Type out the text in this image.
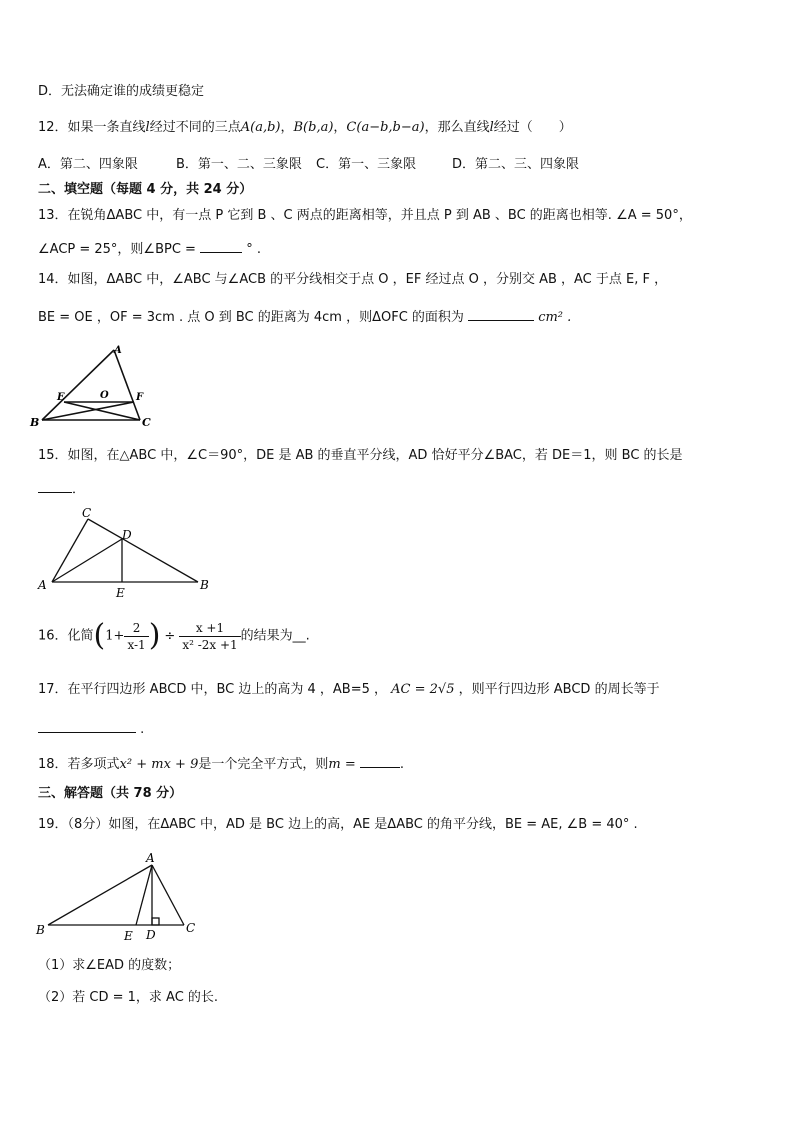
D．无法确定谁的成绩更稳定
12．如果一条直线l经过不同的三点A(a,b)，B(b,a)，C(a−b,b−a)，那么直线l经过（　　）
A．第二、四象限	B．第一、二、三象限 C．第一、三象限	D．第二、三、四象限
二、填空题（每题 4 分，共 24 分）
13．在锐角ΔABC 中，有一点 P 它到 B 、C 两点的距离相等，并且点 P 到 AB 、BC 的距离也相等. ∠A = 50°，
∠ACP = 25°，则∠BPC =	° .
14．如图，ΔABC 中，∠ABC 与∠ACB 的平分线相交于点 O ，EF 经过点 O ，分别交 AB ，AC 于点 E, F ，
BE = OE ，OF = 3cm . 点 O 到 BC 的距离为 4cm ，则ΔOFC 的面积为	cm² .
A
B	C
E	O	F
15．如图，在△ABC 中，∠C＝90°，DE 是 AB 的垂直平分线，AD 恰好平分∠BAC，若 DE＝1，则 BC 的长是
．
C
D
A
E
B
16．化简($1+ \frac{2}{x-1}$ ) ÷ $\frac{x +1}{\text{x² -2x +1}}$ 的结果为__.
17．在平行四边形 ABCD 中，BC 边上的高为 4 ，AB=5 ， AC = 2√5 ，则平行四边形 ABCD 的周长等于
.
18．若多项式x² + mx + 9是一个完全平方式，则m =	.
三、解答题（共 78 分）
19．（8分）如图，在ΔABC 中，AD 是 BC 边上的高，AE 是ΔABC 的角平分线，BE = AE, ∠B = 40° .
A
B	E D	C
（1）求∠EAD 的度数；
（2）若 CD = 1，求 AC 的长.
